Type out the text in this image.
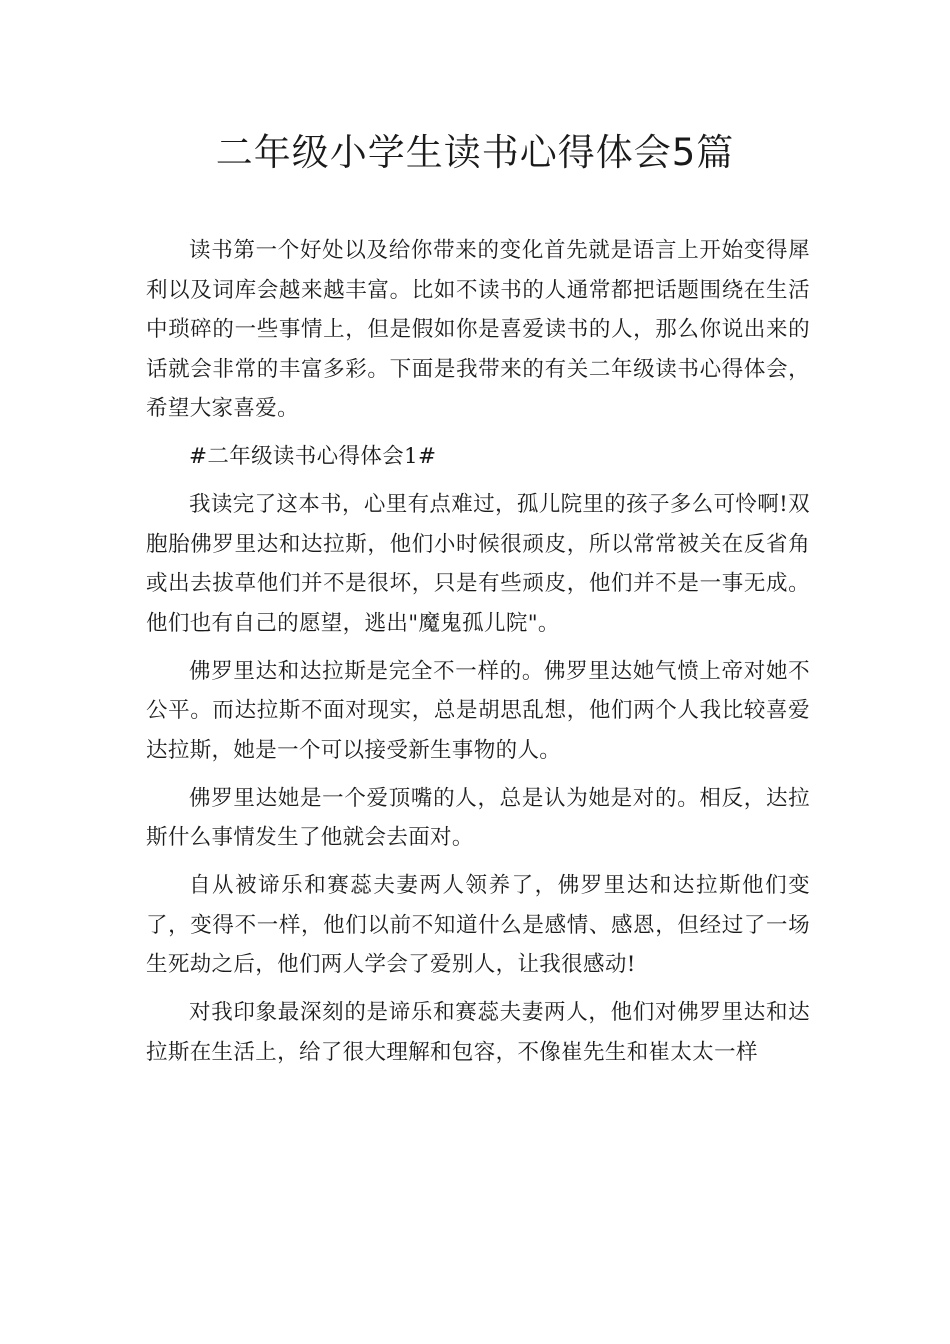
二年级小学生读书心得体会5篇

读书第一个好处以及给你带来的变化首先就是语言上开始变得犀利以及词库会越来越丰富。比如不读书的人通常都把话题围绕在生活中琐碎的一些事情上，但是假如你是喜爱读书的人，那么你说出来的话就会非常的丰富多彩。下面是我带来的有关二年级读书心得体会，希望大家喜爱。

#二年级读书心得体会1#

我读完了这本书，心里有点难过，孤儿院里的孩子多么可怜啊!双胞胎佛罗里达和达拉斯，他们小时候很顽皮，所以常常被关在反省角或出去拔草他们并不是很坏，只是有些顽皮，他们并不是一事无成。他们也有自己的愿望，逃出"魔鬼孤儿院"。

佛罗里达和达拉斯是完全不一样的。佛罗里达她气愤上帝对她不公平。而达拉斯不面对现实，总是胡思乱想，他们两个人我比较喜爱达拉斯，她是一个可以接受新生事物的人。

佛罗里达她是一个爱顶嘴的人，总是认为她是对的。相反，达拉斯什么事情发生了他就会去面对。

自从被谛乐和赛蕊夫妻两人领养了，佛罗里达和达拉斯他们变了，变得不一样，他们以前不知道什么是感情、感恩，但经过了一场生死劫之后，他们两人学会了爱别人，让我很感动!

对我印象最深刻的是谛乐和赛蕊夫妻两人，他们对佛罗里达和达拉斯在生活上，给了很大理解和包容，不像崔先生和崔太太一样
